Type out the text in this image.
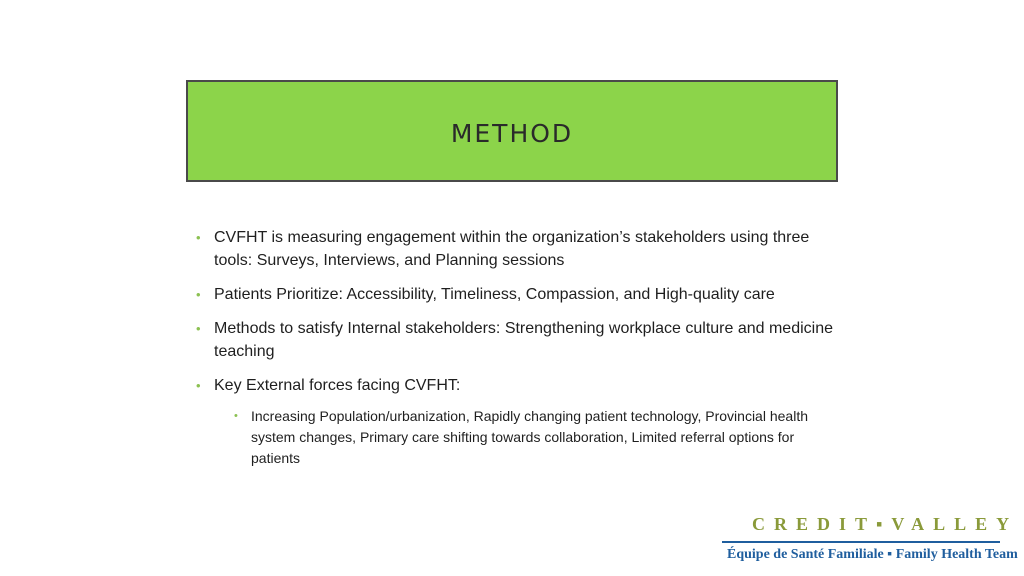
METHOD
• CVFHT is measuring engagement within the organization’s stakeholders using three tools: Surveys, Interviews, and Planning sessions
• Patients Prioritize: Accessibility, Timeliness, Compassion, and High-quality care
• Methods to satisfy Internal stakeholders: Strengthening workplace culture and medicine teaching
• Key External forces facing CVFHT:
• Increasing Population/urbanization, Rapidly changing patient technology, Provincial health system changes, Primary care shifting towards collaboration, Limited referral options for patients
CREDIT▪VALLEY
Équipe de Santé Familiale ▪ Family Health Team
